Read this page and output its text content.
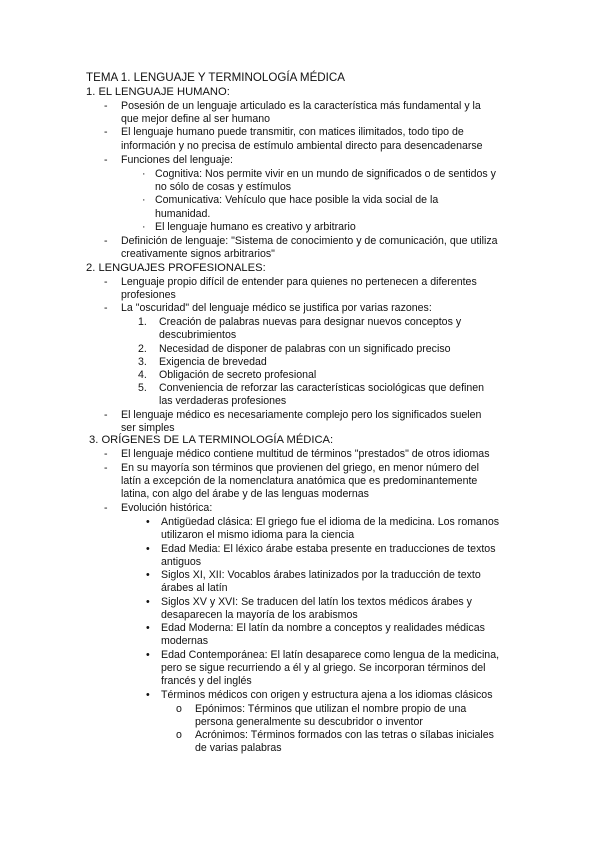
TEMA 1. LENGUAJE Y TERMINOLOGÍA MÉDICA

1. EL LENGUAJE HUMANO:

- Posesión de un lenguaje articulado es la característica más fundamental y la

que mejor define al ser humano

- El lenguaje humano puede transmitir, con matices ilimitados, todo tipo de

información y no precisa de estímulo ambiental directo para desencadenarse

- Funciones del lenguaje:

· Cognitiva: Nos permite vivir en un mundo de significados o de sentidos y

no sólo de cosas y estímulos

· Comunicativa: Vehículo que hace posible la vida social de la

humanidad.

· El lenguaje humano es creativo y arbitrario

- Definición de lenguaje: "Sistema de conocimiento y de comunicación, que utiliza

creativamente signos arbitrarios"

2. LENGUAJES PROFESIONALES:

- Lenguaje propio difícil de entender para quienes no pertenecen a diferentes

profesiones

- La "oscuridad" del lenguaje médico se justifica por varias razones:

1. Creación de palabras nuevas para designar nuevos conceptos y

descubrimientos

2. Necesidad de disponer de palabras con un significado preciso

3. Exigencia de brevedad

4. Obligación de secreto profesional

5. Conveniencia de reforzar las características sociológicas que definen

las verdaderas profesiones

- El lenguaje médico es necesariamente complejo pero los significados suelen

ser simples

3. ORÍGENES DE LA TERMINOLOGÍA MÉDICA:

- El lenguaje médico contiene multitud de términos "prestados" de otros idiomas

- En su mayoría son términos que provienen del griego, en menor número del

latín a excepción de la nomenclatura anatómica que es predominantemente

latina, con algo del árabe y de las lenguas modernas

- Evolución histórica:

• Antigüedad clásica: El griego fue el idioma de la medicina. Los romanos

utilizaron el mismo idioma para la ciencia

• Edad Media: El léxico árabe estaba presente en traducciones de textos

antiguos

• Siglos XI, XII: Vocablos árabes latinizados por la traducción de texto

árabes al latín

• Siglos XV y XVI: Se traducen del latín los textos médicos árabes y

desaparecen la mayoría de los arabismos

• Edad Moderna: El latín da nombre a conceptos y realidades médicas

modernas

• Edad Contemporánea: El latín desaparece como lengua de la medicina,

pero se sigue recurriendo a él y al griego. Se incorporan términos del

francés y del inglés

• Términos médicos con origen y estructura ajena a los idiomas clásicos

o Epónimos: Términos que utilizan el nombre propio de una

persona generalmente su descubridor o inventor

o Acrónimos: Términos formados con las tetras o sílabas iniciales

de varias palabras
